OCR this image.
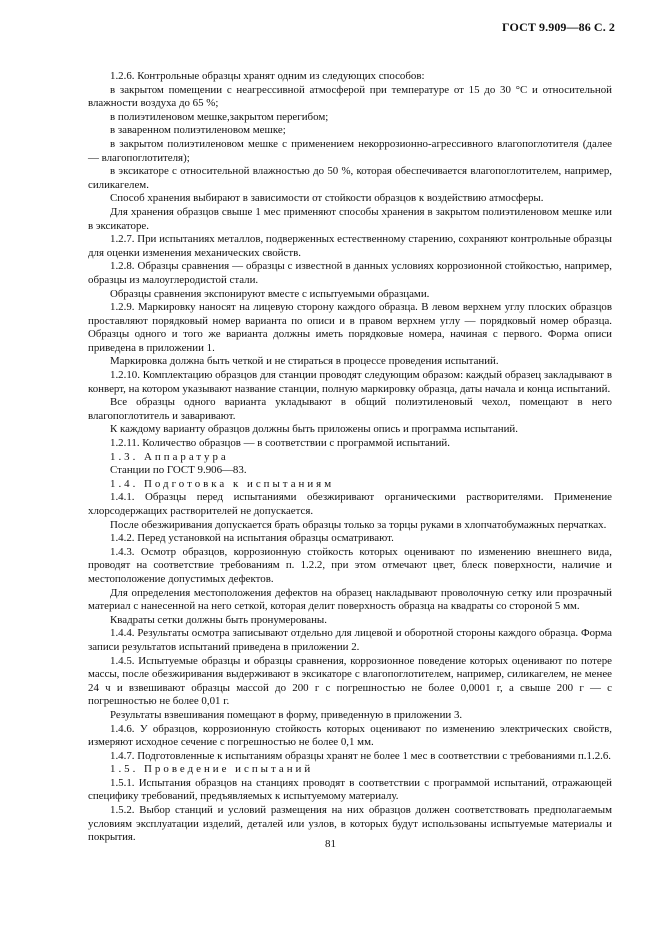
ГОСТ 9.909—86 С. 2

1.2.6. Контрольные образцы хранят одним из следующих способов:

в закрытом помещении с неагрессивной атмосферой при температуре от 15 до 30 °С и относительной влажности воздуха до 65 %;

в полиэтиленовом мешке,закрытом перегибом;

в заваренном полиэтиленовом мешке;

в закрытом полиэтиленовом мешке с применением некоррозионно-агрессивного влагопоглотителя (далее — влагопоглотителя);

в эксикаторе с относительной влажностью до 50 %, которая обеспечивается влагопоглотителем, например, силикагелем.

Способ хранения выбирают в зависимости от стойкости образцов к воздействию атмосферы.

Для хранения образцов свыше 1 мес применяют способы хранения в закрытом полиэтиленовом мешке или в эксикаторе.

1.2.7. При испытаниях металлов, подверженных естественному старению, сохраняют контрольные образцы для оценки изменения механических свойств.

1.2.8. Образцы сравнения — образцы с известной в данных условиях коррозионной стойкостью, например, образцы из малоуглеродистой стали.

Образцы сравнения экспонируют вместе с испытуемыми образцами.

1.2.9. Маркировку наносят на лицевую сторону каждого образца. В левом верхнем углу плоских образцов проставляют порядковый номер варианта по описи и в правом верхнем углу — порядковый номер образца. Образцы одного и того же варианта должны иметь порядковые номера, начиная с первого. Форма описи приведена в приложении 1.

Маркировка должна быть четкой и не стираться в процессе проведения испытаний.

1.2.10. Комплектацию образцов для станции проводят следующим образом: каждый образец закладывают в конверт, на котором указывают название станции, полную маркировку образца, даты начала и конца испытаний.

Все образцы одного варианта укладывают в общий полиэтиленовый чехол, помещают в него влагопоглотитель и заваривают.

К каждому варианту образцов должны быть приложены опись и программа испытаний.

1.2.11. Количество образцов — в соответствии с программой испытаний.

1.3. Аппаратура

Станции по ГОСТ 9.906—83.

1.4. Подготовка к испытаниям

1.4.1. Образцы перед испытаниями обезжиривают органическими растворителями. Применение хлорсодержащих растворителей не допускается.

После обезжиривания допускается брать образцы только за торцы руками в хлопчатобумажных перчатках.

1.4.2. Перед установкой на испытания образцы осматривают.

1.4.3. Осмотр образцов, коррозионную стойкость которых оценивают по изменению внешнего вида, проводят на соответствие требованиям п. 1.2.2, при этом отмечают цвет, блеск поверхности, наличие и местоположение допустимых дефектов.

Для определения местоположения дефектов на образец накладывают проволочную сетку или прозрачный материал с нанесенной на него сеткой, которая делит поверхность образца на квадраты со стороной 5 мм.

Квадраты сетки должны быть пронумерованы.

1.4.4. Результаты осмотра записывают отдельно для лицевой и оборотной стороны каждого образца. Форма записи результатов испытаний приведена в приложении 2.

1.4.5. Испытуемые образцы и образцы сравнения, коррозионное поведение которых оценивают по потере массы, после обезжиривания выдерживают в эксикаторе с влагопоглотителем, например, силикагелем, не менее 24 ч и взвешивают образцы массой до 200 г с погрешностью не более 0,0001 г, а свыше 200 г — с погрешностью не более 0,01 г.

Результаты взвешивания помещают в форму, приведенную в приложении 3.

1.4.6. У образцов, коррозионную стойкость которых оценивают по изменению электрических свойств, измеряют исходное сечение с погрешностью не более 0,1 мм.

1.4.7. Подготовленные к испытаниям образцы хранят не более 1 мес в соответствии с требованиями п.1.2.6.

1.5. Проведение испытаний

1.5.1. Испытания образцов на станциях проводят в соответствии с программой испытаний, отражающей специфику требований, предъявляемых к испытуемому материалу.

1.5.2. Выбор станций и условий размещения на них образцов должен соответствовать предполагаемым условиям эксплуатации изделий, деталей или узлов, в которых будут использованы испытуемые материалы и покрытия.

81
